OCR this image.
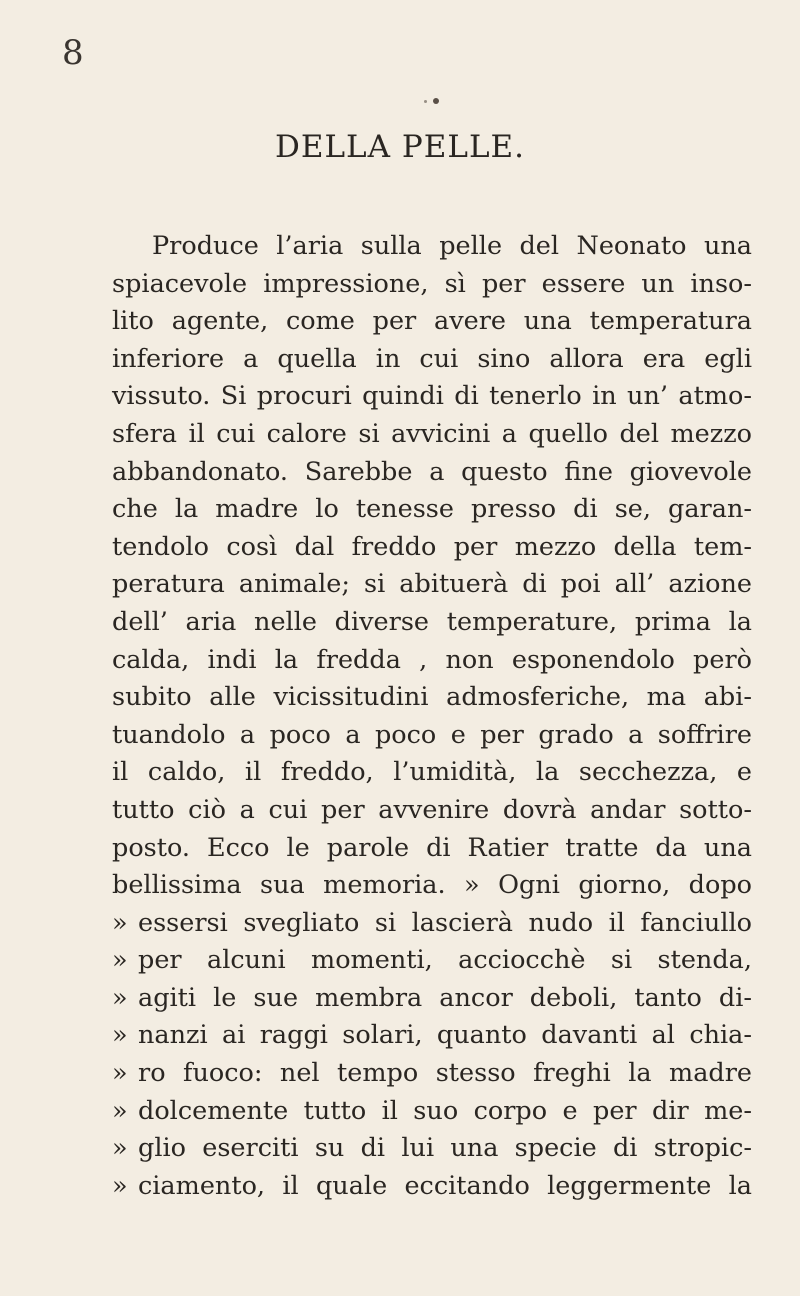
8
DELLA PELLE.
Produce l’aria sulla pelle del Neonato una
spiacevole impressione, sì per essere un inso-
lito agente, come per avere una temperatura
inferiore a quella in cui sino allora era egli
vissuto. Si procuri quindi di tenerlo in un’ atmo-
sfera il cui calore si avvicini a quello del mezzo
abbandonato. Sarebbe a questo fine giovevole
che la madre lo tenesse presso di se, garan-
tendolo così dal freddo per mezzo della tem-
peratura animale; si abituerà di poi all’ azione
dell’ aria nelle diverse temperature, prima la
calda, indi la fredda , non esponendolo però
subito alle vicissitudini admosferiche, ma abi-
tuandolo a poco a poco e per grado a soffrire
il caldo, il freddo, l’umidità, la secchezza, e
tutto ciò a cui per avvenire dovrà andar sotto-
posto. Ecco le parole di Ratier tratte da una
bellissima sua memoria. » Ogni giorno, dopo
» essersi svegliato si lascierà nudo il fanciullo
» per alcuni momenti, acciocchè si stenda,
» agiti le sue membra ancor deboli, tanto di-
» nanzi ai raggi solari, quanto davanti al chia-
» ro fuoco: nel tempo stesso freghi la madre
» dolcemente tutto il suo corpo e per dir me-
» glio eserciti su di lui una specie di stropic-
» ciamento, il quale eccitando leggermente la
